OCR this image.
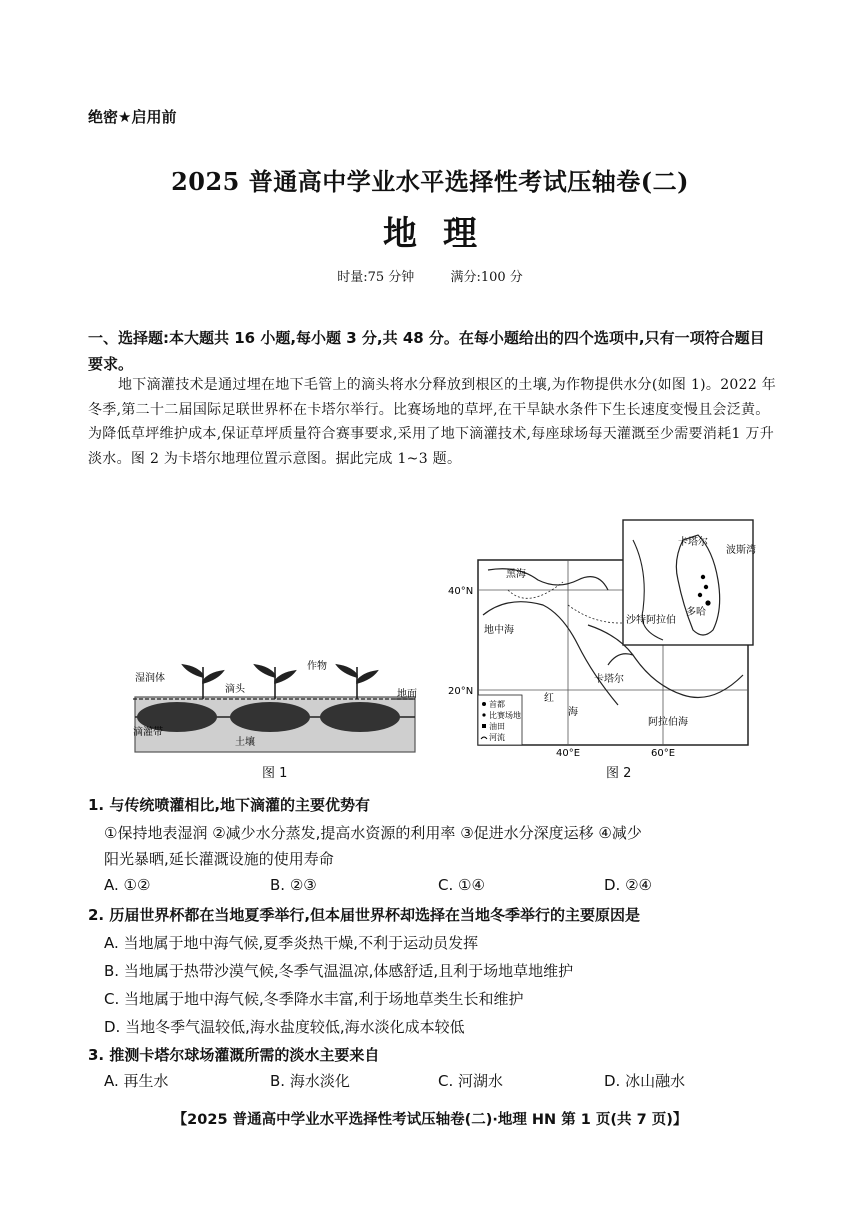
绝密★启用前
2025 普通高中学业水平选择性考试压轴卷(二)
地理
时量:75 分钟	满分:100 分
一、选择题:本大题共 16 小题,每小题 3 分,共 48 分。在每小题给出的四个选项中,只有一项符合题目要求。
地下滴灌技术是通过埋在地下毛管上的滴头将水分释放到根区的土壤,为作物提供水分(如图 1)。2022 年冬季,第二十二届国际足联世界杯在卡塔尔举行。比赛场地的草坪,在干旱缺水条件下生长速度变慢且会泛黄。为降低草坪维护成本,保证草坪质量符合赛事要求,采用了地下滴灌技术,每座球场每天灌溉至少需要消耗1 万升淡水。图 2 为卡塔尔地理位置示意图。据此完成 1~3 题。
湿润体
作物
滴头	地面
滴灌带
土壤
图 1
黑海
地中海
卡塔尔
红
海
阿拉伯海
40°N
20°N
40°E	60°E
卡塔尔
波斯湾
沙特阿拉伯
多哈
首都
比赛场地
油田
河流
图 2
1. 与传统喷灌相比,地下滴灌的主要优势有
①保持地表湿润 ②减少水分蒸发,提高水资源的利用率 ③促进水分深度运移 ④减少
阳光暴晒,延长灌溉设施的使用寿命
A. ①②	B. ②③	C. ①④	D. ②④
2. 历届世界杯都在当地夏季举行,但本届世界杯却选择在当地冬季举行的主要原因是
A. 当地属于地中海气候,夏季炎热干燥,不利于运动员发挥
B. 当地属于热带沙漠气候,冬季气温温凉,体感舒适,且利于场地草地维护
C. 当地属于地中海气候,冬季降水丰富,利于场地草类生长和维护
D. 当地冬季气温较低,海水盐度较低,海水淡化成本较低
3. 推测卡塔尔球场灌溉所需的淡水主要来自
A. 再生水	B. 海水淡化	C. 河湖水	D. 冰山融水
【2025 普通高中学业水平选择性考试压轴卷(二)·地理 HN 第 1 页(共 7 页)】
